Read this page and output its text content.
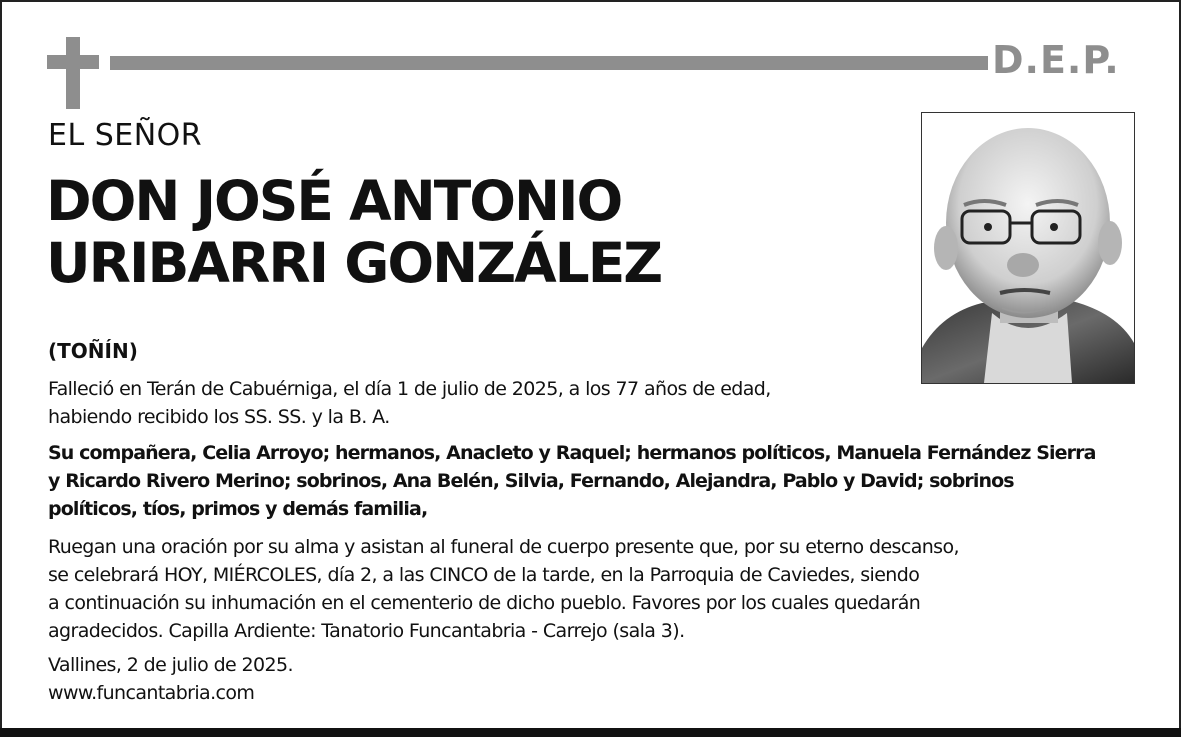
D.E.P.
EL SEÑOR
DON JOSÉ ANTONIO
URIBARRI GONZÁLEZ
(TOÑÍN)
Falleció en Terán de Cabuérniga, el día 1 de julio de 2025, a los 77 años de edad,
habiendo recibido los SS. SS. y la B. A.
Su compañera, Celia Arroyo; hermanos, Anacleto y Raquel; hermanos políticos, Manuela Fernández Sierra
y Ricardo Rivero Merino; sobrinos, Ana Belén, Silvia, Fernando, Alejandra, Pablo y David; sobrinos
políticos, tíos, primos y demás familia,
Ruegan una oración por su alma y asistan al funeral de cuerpo presente que, por su eterno descanso,
se celebrará HOY, MIÉRCOLES, día 2, a las CINCO de la tarde, en la Parroquia de Caviedes, siendo
a continuación su inhumación en el cementerio de dicho pueblo. Favores por los cuales quedarán
agradecidos. Capilla Ardiente: Tanatorio Funcantabria - Carrejo (sala 3).
Vallines, 2 de julio de 2025.
www.funcantabria.com
